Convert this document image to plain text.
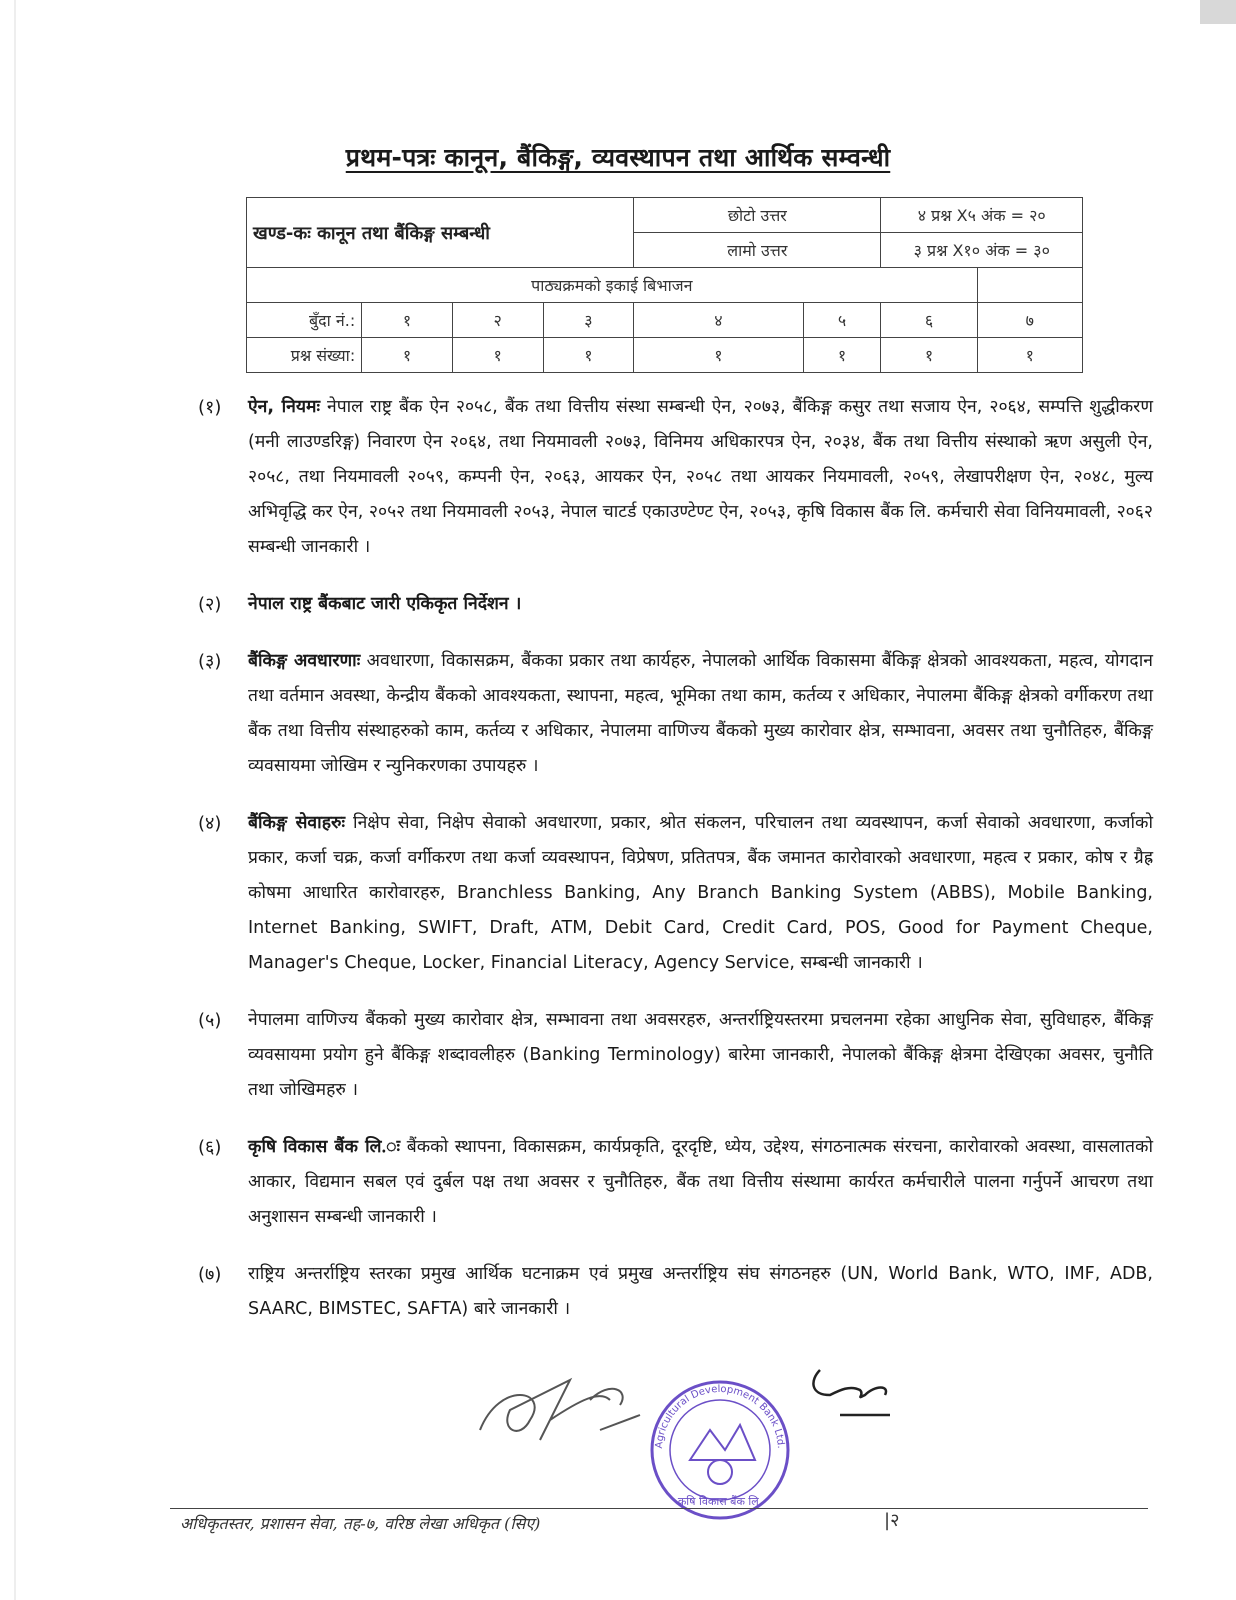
प्रथम-पत्रः कानून, बैंकिङ्ग, व्यवस्थापन तथा आर्थिक सम्वन्धी
खण्ड-कः कानून तथा बैंकिङ्ग सम्बन्धी				छोटो उत्तर		४ प्रश्न X५ अंक = २०	
				लामो उत्तर		३ प्रश्न X१० अंक = ३०	
पाठ्यक्रमको इकाई बिभाजन							
बुँदा नं.:	१	२	३	४	५	६	७
प्रश्न संख्या:	१	१	१	१	१	१	१
(१)	ऐन, नियमः नेपाल राष्ट्र बैंक ऐन २०५८, बैंक तथा वित्तीय संस्था सम्बन्धी ऐन, २०७३, बैंकिङ्ग कसुर तथा सजाय ऐन, २०६४, सम्पत्ति शुद्धीकरण (मनी लाउण्डरिङ्ग) निवारण ऐन २०६४, तथा नियमावली २०७३, विनिमय अधिकारपत्र ऐन, २०३४, बैंक तथा वित्तीय संस्थाको ऋण असुली ऐन, २०५८, तथा नियमावली २०५९, कम्पनी ऐन, २०६३, आयकर ऐन, २०५८ तथा आयकर नियमावली, २०५९, लेखापरीक्षण ऐन, २०४८, मुल्य अभिवृद्धि कर ऐन, २०५२ तथा नियमावली २०५३, नेपाल चाटर्ड एकाउण्टेण्ट ऐन, २०५३, कृषि विकास बैंक लि. कर्मचारी सेवा विनियमावली, २०६२ सम्बन्धी जानकारी ।
(२)	नेपाल राष्ट्र बैंकबाट जारी एकिकृत निर्देशन ।
(३)	बैंकिङ्ग अवधारणाः अवधारणा, विकासक्रम, बैंकका प्रकार तथा कार्यहरु, नेपालको आर्थिक विकासमा बैंकिङ्ग क्षेत्रको आवश्यकता, महत्व, योगदान तथा वर्तमान अवस्था, केन्द्रीय बैंकको आवश्यकता, स्थापना, महत्व, भूमिका तथा काम, कर्तव्य र अधिकार, नेपालमा बैंकिङ्ग क्षेत्रको वर्गीकरण तथा बैंक तथा वित्तीय संस्थाहरुको काम, कर्तव्य र अधिकार, नेपालमा वाणिज्य बैंकको मुख्य कारोवार क्षेत्र, सम्भावना, अवसर तथा चुनौतिहरु, बैंकिङ्ग व्यवसायमा जोखिम र न्युनिकरणका उपायहरु ।
(४)	बैंकिङ्ग सेवाहरुः निक्षेप सेवा, निक्षेप सेवाको अवधारणा, प्रकार, श्रोत संकलन, परिचालन तथा व्यवस्थापन, कर्जा सेवाको अवधारणा, कर्जाको प्रकार, कर्जा चक्र, कर्जा वर्गीकरण तथा कर्जा व्यवस्थापन, विप्रेषण, प्रतितपत्र, बैंक जमानत कारोवारको अवधारणा, महत्व र प्रकार, कोष र ग्रैह्र कोषमा आधारित कारोवारहरु, Branchless Banking, Any Branch Banking System (ABBS), Mobile Banking, Internet Banking, SWIFT, Draft, ATM, Debit Card, Credit Card, POS, Good for Payment Cheque, Manager's Cheque, Locker, Financial Literacy, Agency Service, सम्बन्धी जानकारी ।
(५)	नेपालमा वाणिज्य बैंकको मुख्य कारोवार क्षेत्र, सम्भावना तथा अवसरहरु, अन्तर्राष्ट्रियस्तरमा प्रचलनमा रहेका आधुनिक सेवा, सुविधाहरु, बैंकिङ्ग व्यवसायमा प्रयोग हुने बैंकिङ्ग शब्दावलीहरु (Banking Terminology) बारेमा जानकारी, नेपालको बैंकिङ्ग क्षेत्रमा देखिएका अवसर, चुनौति तथा जोखिमहरु ।
(६)	कृषि विकास बैंक लि.ः बैंकको स्थापना, विकासक्रम, कार्यप्रकृति, दूरदृष्टि, ध्येय, उद्देश्य, संगठनात्मक संरचना, कारोवारको अवस्था, वासलातको आकार, विद्यमान सबल एवं दुर्बल पक्ष तथा अवसर र चुनौतिहरु, बैंक तथा वित्तीय संस्थामा कार्यरत कर्मचारीले पालना गर्नुपर्ने आचरण तथा अनुशासन सम्बन्धी जानकारी ।
(७)	राष्ट्रिय अन्तर्राष्ट्रिय स्तरका प्रमुख आर्थिक घटनाक्रम एवं प्रमुख अन्तर्राष्ट्रिय संघ संगठनहरु (UN, World Bank, WTO, IMF, ADB, SAARC, BIMSTEC, SAFTA) बारे जानकारी ।
Agricultural Development Bank Ltd.
कृषि विकास बैंक लि.
अधिकृतस्तर, प्रशासन सेवा, तह-७, वरिष्ठ लेखा अधिकृत (सिए)	|२
